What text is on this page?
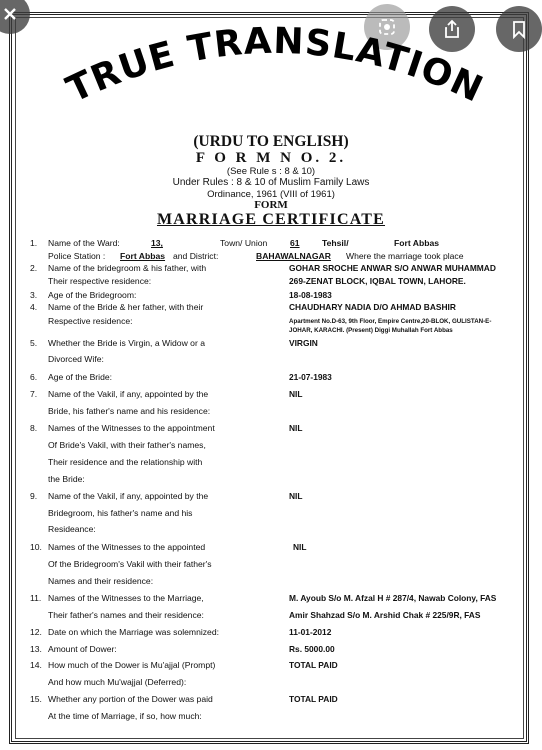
TRUE TRANSLATION
(URDU TO ENGLISH)
F O R M N O. 2.
(See Rule s : 8 & 10)
Under Rules : 8 & 10 of Muslim Family Laws
Ordinance, 1961 (VIII of 1961)
FORM
MARRIAGE CERTIFICATE
1. Name of the Ward:	13,	Town/ Union	61	Tehsil/	Fort Abbas
Police Station : Fort Abbas and District:	BAHAWALNAGAR Where the marriage took place
2. Name of the bridegroom & his father, with
Their respective residence:
GOHAR SROCHE ANWAR S/O ANWAR MUHAMMAD
269-ZENAT BLOCK, IQBAL TOWN, LAHORE.
3. Age of the Bridegroom:	18-08-1983
4. Name of the Bride & her father, with their
Respective residence:
CHAUDHARY NADIA D/O AHMAD BASHIR
Apartment No.D-63, 9th Floor, Empire Centre,20-BLOK, GULISTAN-E-
JOHAR, KARACHI. (Present) Diggi Muhallah Fort Abbas
5. Whether the Bride is Virgin, a Widow or a
Divorced Wife:
VIRGIN
6. Age of the Bride:	21-07-1983
7. Name of the Vakil, if any, appointed by the
Bride, his father's name and his residence:
NIL
8. Names of the Witnesses to the appointment
Of Bride's Vakil, with their father's names,
Their residence and the relationship with
the Bride:
NIL
9. Name of the Vakil, if any, appointed by the
Bridegroom, his father's name and his
Resideance:
NIL
10. Names of the Witnesses to the appointed
Of the Bridegroom's Vakil with their father's
Names and their residence:
NIL
11. Names of the Witnesses to the Marriage,
Their father's names and their residence:
M. Ayoub S/o M. Afzal H # 287/4, Nawab Colony, FAS
Amir Shahzad S/o M. Arshid Chak # 225/9R, FAS
12. Date on which the Marriage was solemnized:	11-01-2012
13. Amount of Dower:	Rs. 5000.00
14. How much of the Dower is Mu'ajjal (Prompt)
And how much Mu'wajjal (Deferred):
TOTAL PAID
15. Whether any portion of the Dower was paid
At the time of Marriage, if so, how much:
TOTAL PAID
